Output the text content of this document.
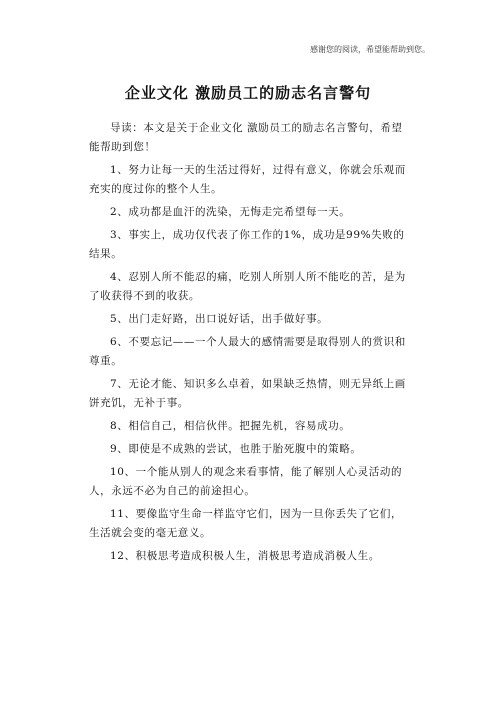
感谢您的阅读，希望能帮助到您。
企业文化 激励员工的励志名言警句

导读：本文是关于企业文化 激励员工的励志名言警句，希望能帮助到您！

1、努力让每一天的生活过得好，过得有意义，你就会乐观而充实的度过你的整个人生。

2、成功都是血汗的洗染，无悔走完希望每一天。

3、事实上，成功仅代表了你工作的1%，成功是99%失败的结果。

4、忍别人所不能忍的痛，吃别人所别人所不能吃的苦，是为了收获得不到的收获。

5、出门走好路，出口说好话，出手做好事。

6、不要忘记——一个人最大的感情需要是取得别人的赏识和尊重。

7、无论才能、知识多么卓着，如果缺乏热情，则无异纸上画饼充饥，无补于事。

8、相信自己，相信伙伴。把握先机，容易成功。

9、即使是不成熟的尝试，也胜于胎死腹中的策略。

10、一个能从别人的观念来看事情，能了解别人心灵活动的人，永远不必为自己的前途担心。

11、要像监守生命一样监守它们，因为一旦你丢失了它们，生活就会变的毫无意义。

12、积极思考造成积极人生，消极思考造成消极人生。
